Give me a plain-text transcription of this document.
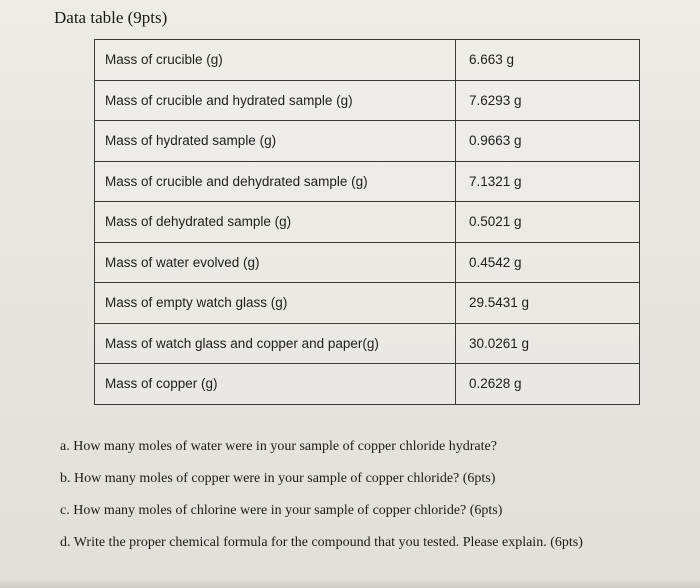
Data table (9pts)
Mass of crucible (g)	6.663 g
Mass of crucible and hydrated sample (g)	7.6293 g
Mass of hydrated sample (g)	0.9663 g
Mass of crucible and dehydrated sample (g)	7.1321 g
Mass of dehydrated sample (g)	0.5021 g
Mass of water evolved (g)	0.4542 g
Mass of empty watch glass (g)	29.5431 g
Mass of watch glass and copper and paper(g)	30.0261 g
Mass of copper (g)	0.2628 g
a. How many moles of water were in your sample of copper chloride hydrate?
b. How many moles of copper were in your sample of copper chloride? (6pts)
c. How many moles of chlorine were in your sample of copper chloride? (6pts)
d. Write the proper chemical formula for the compound that you tested. Please explain. (6pts)
